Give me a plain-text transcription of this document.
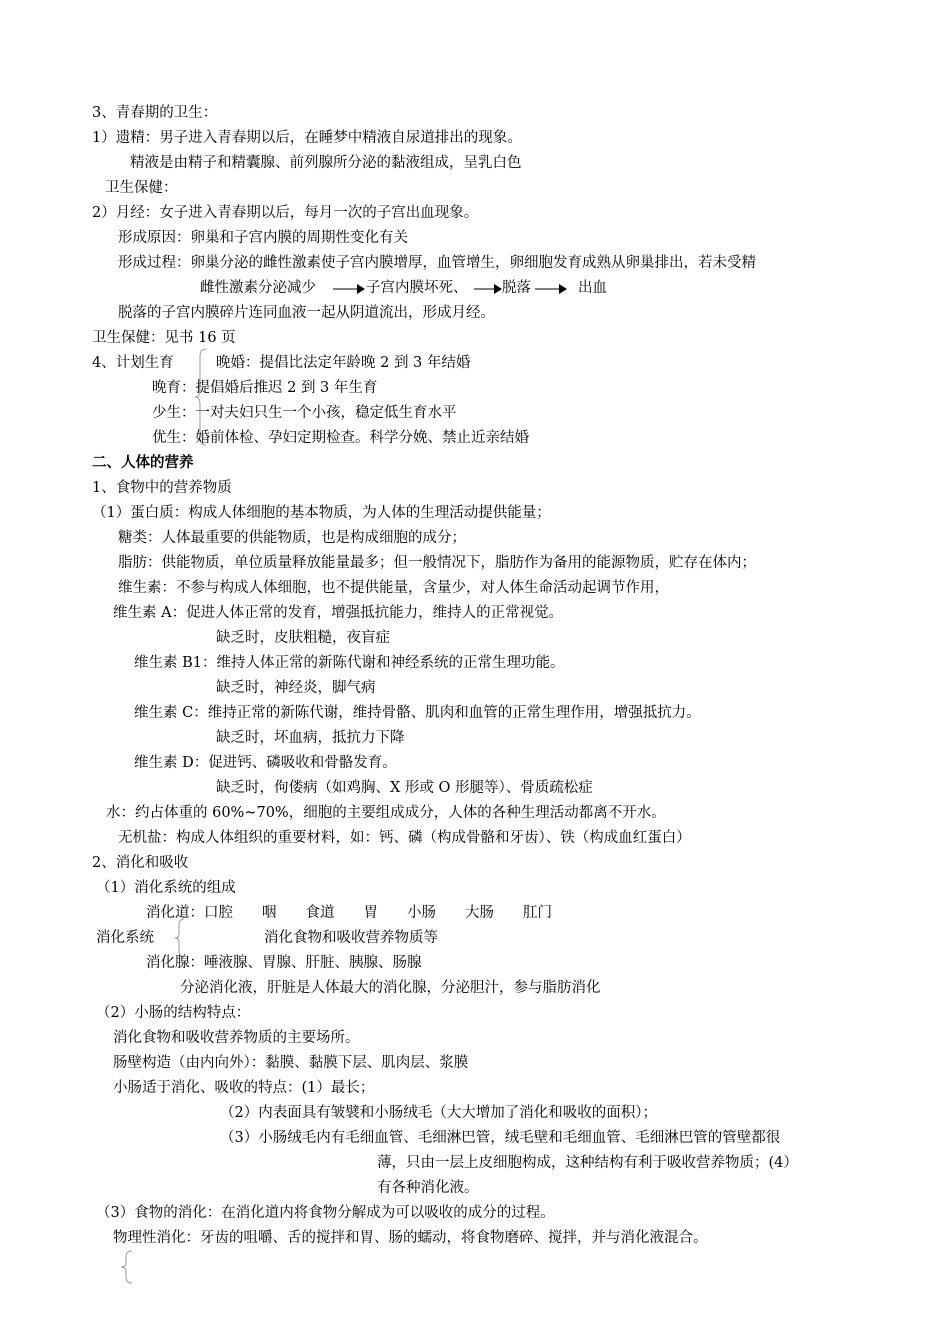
3、青春期的卫生：
1）遗精：男子进入青春期以后，在睡梦中精液自尿道排出的现象。
精液是由精子和精囊腺、前列腺所分泌的黏液组成，呈乳白色
卫生保健：
2）月经：女子进入青春期以后，每月一次的子宫出血现象。
形成原因：卵巢和子宫内膜的周期性变化有关
形成过程：卵巢分泌的雌性激素使子宫内膜增厚，血管增生，卵细胞发育成熟从卵巢排出，若未受精
雌性激素分泌减少	子宫内膜坏死、 脱落	出血
脱落的子宫内膜碎片连同血液一起从阴道流出，形成月经。
卫生保健：见书 16 页
4、计划生育	晚婚：提倡比法定年龄晚 2 到 3 年结婚
晚育：提倡婚后推迟 2 到 3 年生育
少生：一对夫妇只生一个小孩，稳定低生育水平
优生：婚前体检、孕妇定期检查。科学分娩、禁止近亲结婚
二、人体的营养
1、食物中的营养物质
（1）蛋白质：构成人体细胞的基本物质，为人体的生理活动提供能量；
糖类：人体最重要的供能物质，也是构成细胞的成分；
脂肪：供能物质，单位质量释放能量最多；但一般情况下，脂肪作为备用的能源物质，贮存在体内；
维生素：不参与构成人体细胞，也不提供能量，含量少，对人体生命活动起调节作用，
维生素 A：促进人体正常的发育，增强抵抗能力，维持人的正常视觉。
缺乏时，皮肤粗糙，夜盲症
维生素 B1：维持人体正常的新陈代谢和神经系统的正常生理功能。
缺乏时，神经炎，脚气病
维生素 C：维持正常的新陈代谢，维持骨骼、肌肉和血管的正常生理作用，增强抵抗力。
缺乏时，坏血病，抵抗力下降
维生素 D：促进钙、磷吸收和骨骼发育。
缺乏时，佝偻病（如鸡胸、X 形或 O 形腿等）、骨质疏松症
水：约占体重的 60%~70%，细胞的主要组成成分，人体的各种生理活动都离不开水。
无机盐：构成人体组织的重要材料，如：钙、磷（构成骨骼和牙齿）、铁（构成血红蛋白）
2、消化和吸收
（1）消化系统的组成
消化道：口腔　　咽　　食道　　胃　　小肠　　大肠　　肛门
消化系统	消化食物和吸收营养物质等
消化腺：唾液腺、胃腺、肝脏、胰腺、肠腺
分泌消化液，肝脏是人体最大的消化腺，分泌胆汁，参与脂肪消化
（2）小肠的结构特点：
消化食物和吸收营养物质的主要场所。
肠壁构造（由内向外）：黏膜、黏膜下层、肌肉层、浆膜
小肠适于消化、吸收的特点：(1）最长；
（2）内表面具有皱襞和小肠绒毛（大大增加了消化和吸收的面积）；
（3）小肠绒毛内有毛细血管、毛细淋巴管，绒毛壁和毛细血管、毛细淋巴管的管壁都很
薄，只由一层上皮细胞构成，这种结构有利于吸收营养物质；(4）
有各种消化液。
（3）食物的消化：在消化道内将食物分解成为可以吸收的成分的过程。
物理性消化：牙齿的咀嚼、舌的搅拌和胃、肠的蠕动，将食物磨碎、搅拌，并与消化液混合。
